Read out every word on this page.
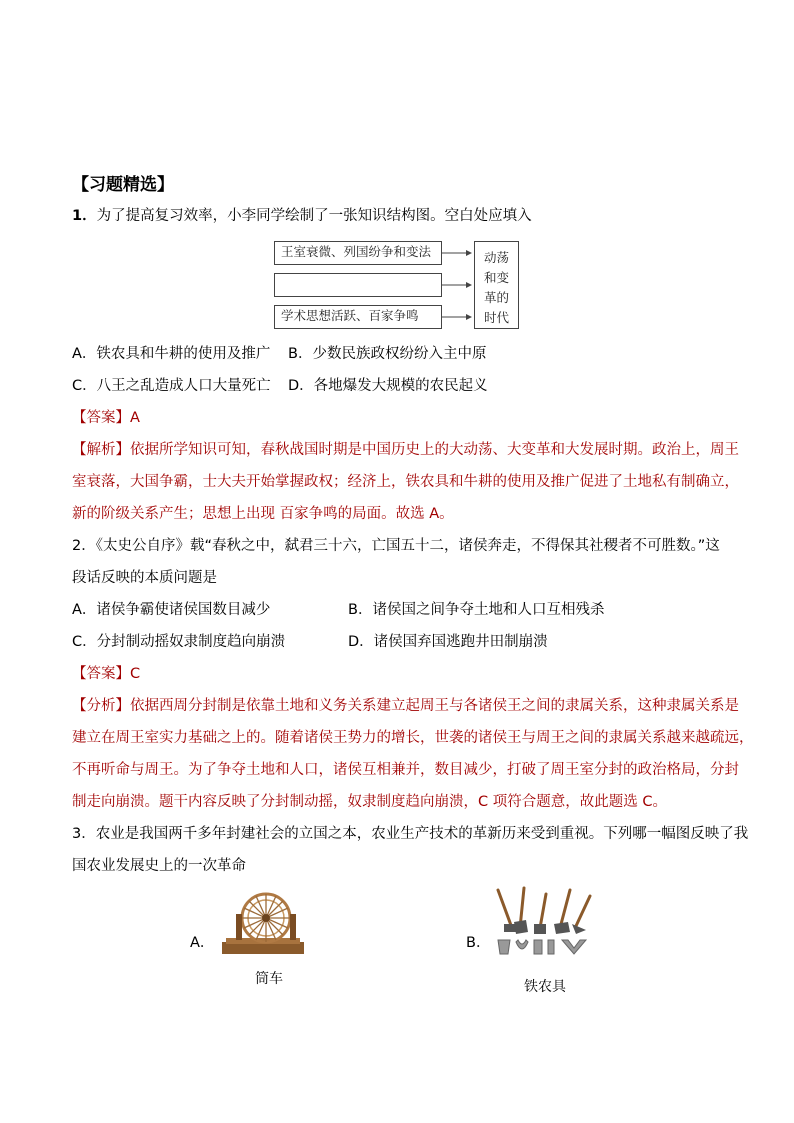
【习题精选】
1．为了提高复习效率，小李同学绘制了一张知识结构图。空白处应填入
王室衰微、列国纷争和变法
学术思想活跃、百家争鸣
动荡
和变
革的
时代
A．铁农具和牛耕的使用及推广 B．少数民族政权纷纷入主中原
C．八王之乱造成人口大量死亡 D．各地爆发大规模的农民起义
【答案】A
【解析】依据所学知识可知，春秋战国时期是中国历史上的大动荡、大变革和大发展时期。政治上，周王
室衰落，大国争霸，士大夫开始掌握政权；经济上，铁农具和牛耕的使用及推广促进了土地私有制确立，
新的阶级关系产生；思想上出现 百家争鸣的局面。故选 A。
2．《太史公自序》载“春秋之中，弑君三十六，亡国五十二，诸侯奔走，不得保其社稷者不可胜数。”这
段话反映的本质问题是
A．诸侯争霸使诸侯国数目减少	B．诸侯国之间争夺土地和人口互相残杀
C．分封制动摇奴隶制度趋向崩溃	D．诸侯国弃国逃跑井田制崩溃
【答案】C
【分析】依据西周分封制是依靠土地和义务关系建立起周王与各诸侯王之间的隶属关系，这种隶属关系是
建立在周王室实力基础之上的。随着诸侯王势力的增长，世袭的诸侯王与周王之间的隶属关系越来越疏远，
不再听命与周王。为了争夺土地和人口，诸侯互相兼并，数目减少，打破了周王室分封的政治格局，分封
制走向崩溃。题干内容反映了分封制动摇，奴隶制度趋向崩溃，C 项符合题意，故此题选 C。
3．农业是我国两千多年封建社会的立国之本，农业生产技术的革新历来受到重视。下列哪一幅图反映了我
国农业发展史上的一次革命
A．
筒车
B．
铁农具
